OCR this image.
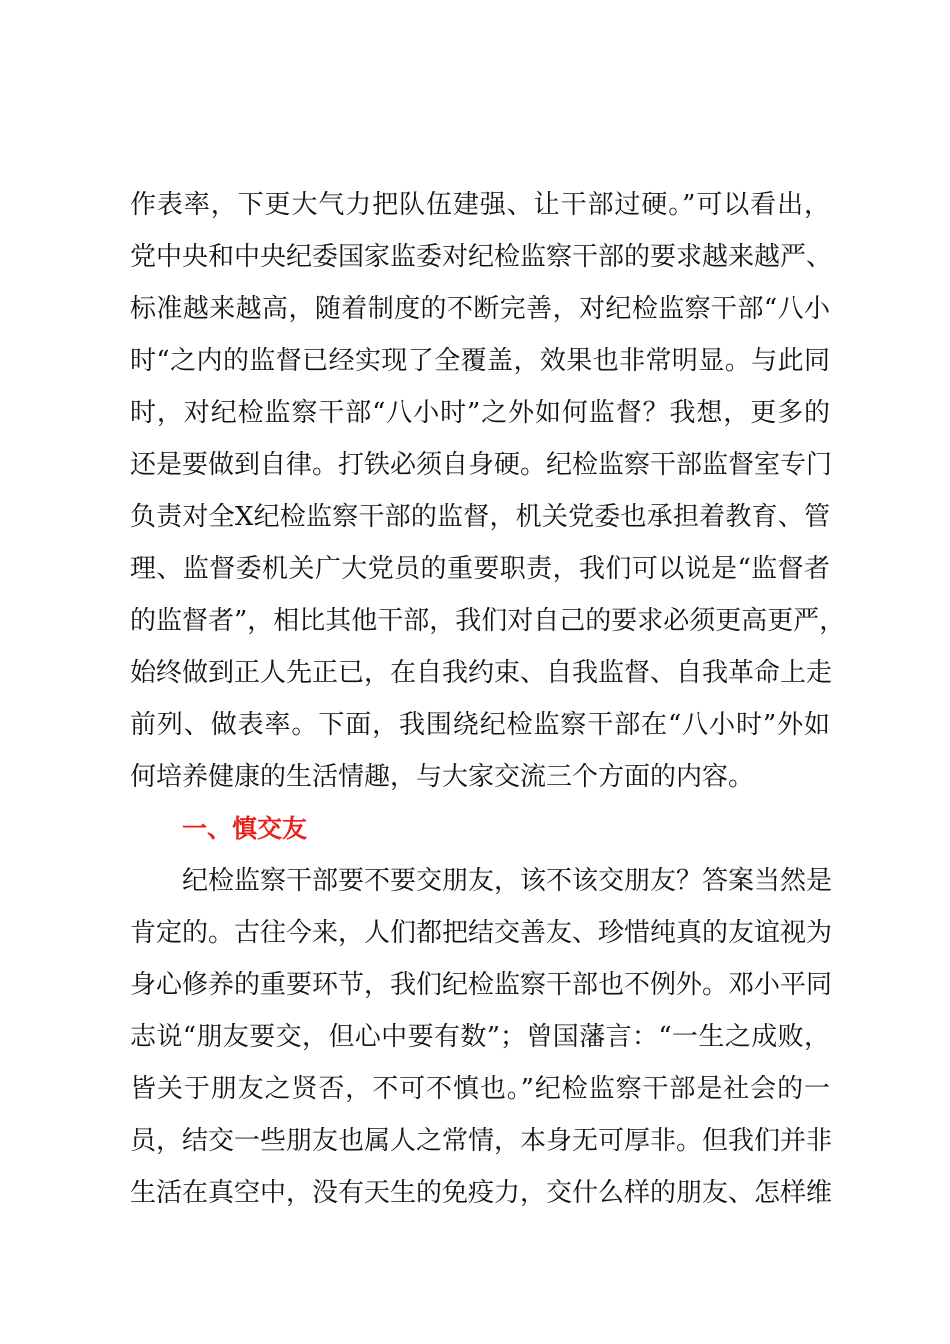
作表率，下更大气力把队伍建强、让干部过硬。”可以看出，
党中央和中央纪委国家监委对纪检监察干部的要求越来越严、
标准越来越高，随着制度的不断完善，对纪检监察干部“八小
时“之内的监督已经实现了全覆盖，效果也非常明显。与此同
时，对纪检监察干部“八小时”之外如何监督？我想，更多的
还是要做到自律。打铁必须自身硬。纪检监察干部监督室专门
负责对全X纪检监察干部的监督，机关党委也承担着教育、管
理、监督委机关广大党员的重要职责，我们可以说是“监督者
的监督者”，相比其他干部，我们对自己的要求必须更高更严，
始终做到正人先正已，在自我约束、自我监督、自我革命上走
前列、做表率。下面，我围绕纪检监察干部在“八小时”外如
何培养健康的生活情趣，与大家交流三个方面的内容。
一、慎交友
纪检监察干部要不要交朋友，该不该交朋友？答案当然是
肯定的。古往今来，人们都把结交善友、珍惜纯真的友谊视为
身心修养的重要环节，我们纪检监察干部也不例外。邓小平同
志说“朋友要交，但心中要有数”；曾国藩言：“一生之成败，
皆关于朋友之贤否，不可不慎也。”纪检监察干部是社会的一
员，结交一些朋友也属人之常情，本身无可厚非。但我们并非
生活在真空中，没有天生的免疫力，交什么样的朋友、怎样维
